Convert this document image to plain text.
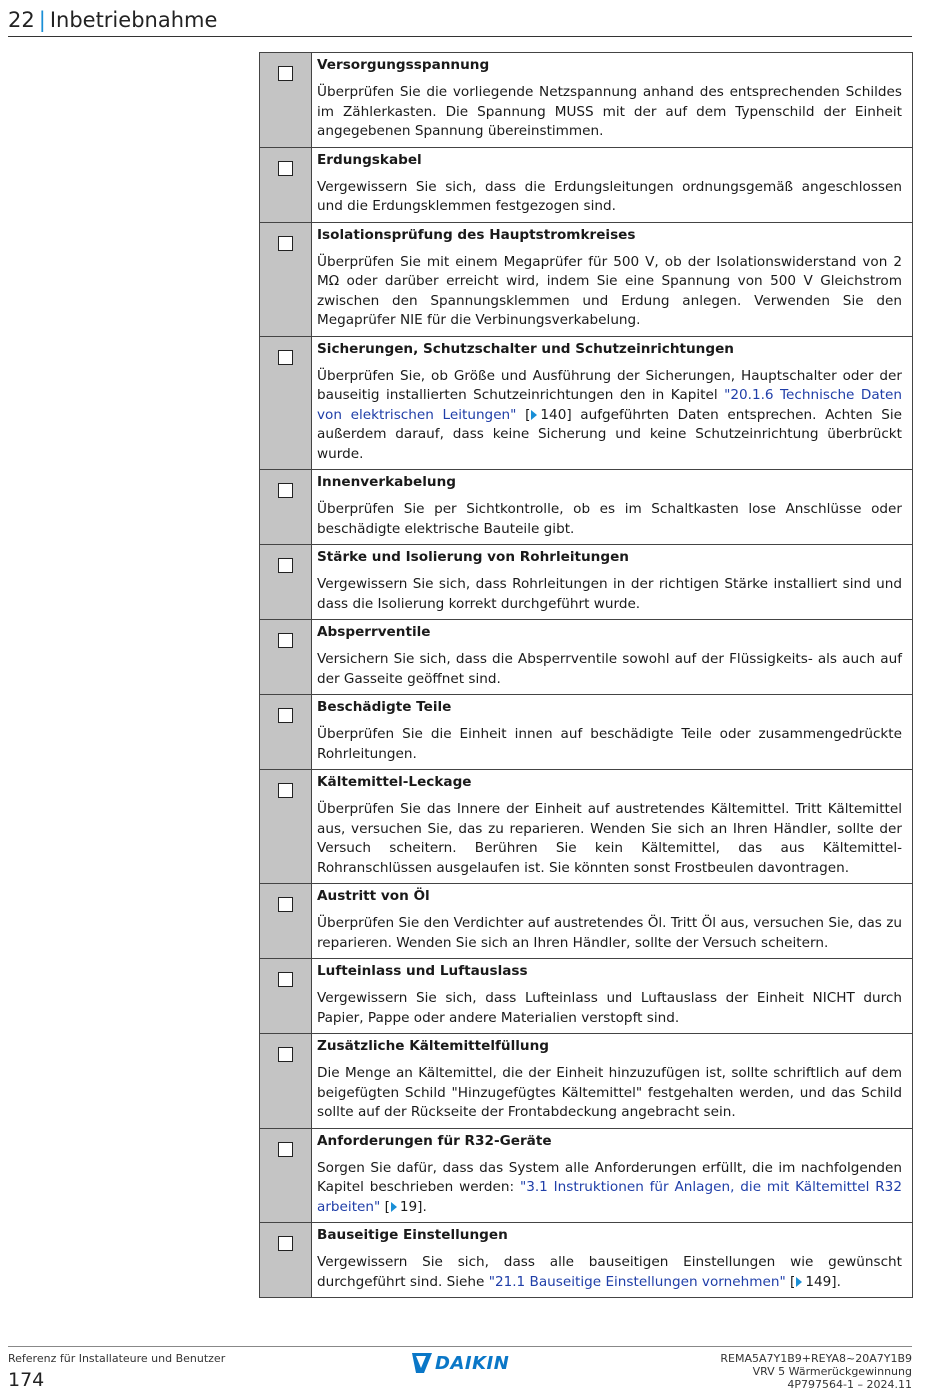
22 | Inbetriebnahme

	Versorgungsspannung

Überprüfen Sie die vorliegende Netzspannung anhand des entsprechenden Schildes im Zählerkasten. Die Spannung MUSS mit der auf dem Typenschild der Einheit angegebenen Spannung übereinstimmen.

	Erdungskabel

Vergewissern Sie sich, dass die Erdungsleitungen ordnungsgemäß angeschlossen und die Erdungsklemmen festgezogen sind.

	Isolationsprüfung des Hauptstromkreises

Überprüfen Sie mit einem Megaprüfer für 500 V, ob der Isolationswiderstand von 2 MΩ oder darüber erreicht wird, indem Sie eine Spannung von 500 V Gleichstrom zwischen den Spannungsklemmen und Erdung anlegen. Verwenden Sie den Megaprüfer NIE für die Verbinungsverkabelung.

	Sicherungen, Schutzschalter und Schutzeinrichtungen

Überprüfen Sie, ob Größe und Ausführung der Sicherungen, Hauptschalter oder der bauseitig installierten Schutzeinrichtungen den in Kapitel "20.1.6 Technische Daten von elektrischen Leitungen" [ 140] aufgeführten Daten entsprechen. Achten Sie außerdem darauf, dass keine Sicherung und keine Schutzeinrichtung überbrückt wurde.

	Innenverkabelung

Überprüfen Sie per Sichtkontrolle, ob es im Schaltkasten lose Anschlüsse oder beschädigte elektrische Bauteile gibt.

	Stärke und Isolierung von Rohrleitungen

Vergewissern Sie sich, dass Rohrleitungen in der richtigen Stärke installiert sind und dass die Isolierung korrekt durchgeführt wurde.

	Absperrventile

Versichern Sie sich, dass die Absperrventile sowohl auf der Flüssigkeits- als auch auf der Gasseite geöffnet sind.

	Beschädigte Teile

Überprüfen Sie die Einheit innen auf beschädigte Teile oder zusammengedrückte Rohrleitungen.

	Kältemittel-Leckage

Überprüfen Sie das Innere der Einheit auf austretendes Kältemittel. Tritt Kältemittel aus, versuchen Sie, das zu reparieren. Wenden Sie sich an Ihren Händler, sollte der Versuch scheitern. Berühren Sie kein Kältemittel, das aus Kältemittel-Rohranschlüssen ausgelaufen ist. Sie könnten sonst Frostbeulen davontragen.

	Austritt von Öl

Überprüfen Sie den Verdichter auf austretendes Öl. Tritt Öl aus, versuchen Sie, das zu reparieren. Wenden Sie sich an Ihren Händler, sollte der Versuch scheitern.

	Lufteinlass und Luftauslass

Vergewissern Sie sich, dass Lufteinlass und Luftauslass der Einheit NICHT durch Papier, Pappe oder andere Materialien verstopft sind.

	Zusätzliche Kältemittelfüllung

Die Menge an Kältemittel, die der Einheit hinzuzufügen ist, sollte schriftlich auf dem beigefügten Schild "Hinzugefügtes Kältemittel" festgehalten werden, und das Schild sollte auf der Rückseite der Frontabdeckung angebracht sein.

	Anforderungen für R32-Geräte

Sorgen Sie dafür, dass das System alle Anforderungen erfüllt, die im nachfolgenden Kapitel beschrieben werden: "3.1 Instruktionen für Anlagen, die mit Kältemittel R32 arbeiten" [ 19].

	Bauseitige Einstellungen

Vergewissern Sie sich, dass alle bauseitigen Einstellungen wie gewünscht durchgeführt sind. Siehe "21.1 Bauseitige Einstellungen vornehmen" [ 149].

Referenz für Installateure und Benutzer
174
DAIKIN	REMA5A7Y1B9+REYA8~20A7Y1B9
VRV 5 Wärmerückgewinnung
4P797564-1 – 2024.11
